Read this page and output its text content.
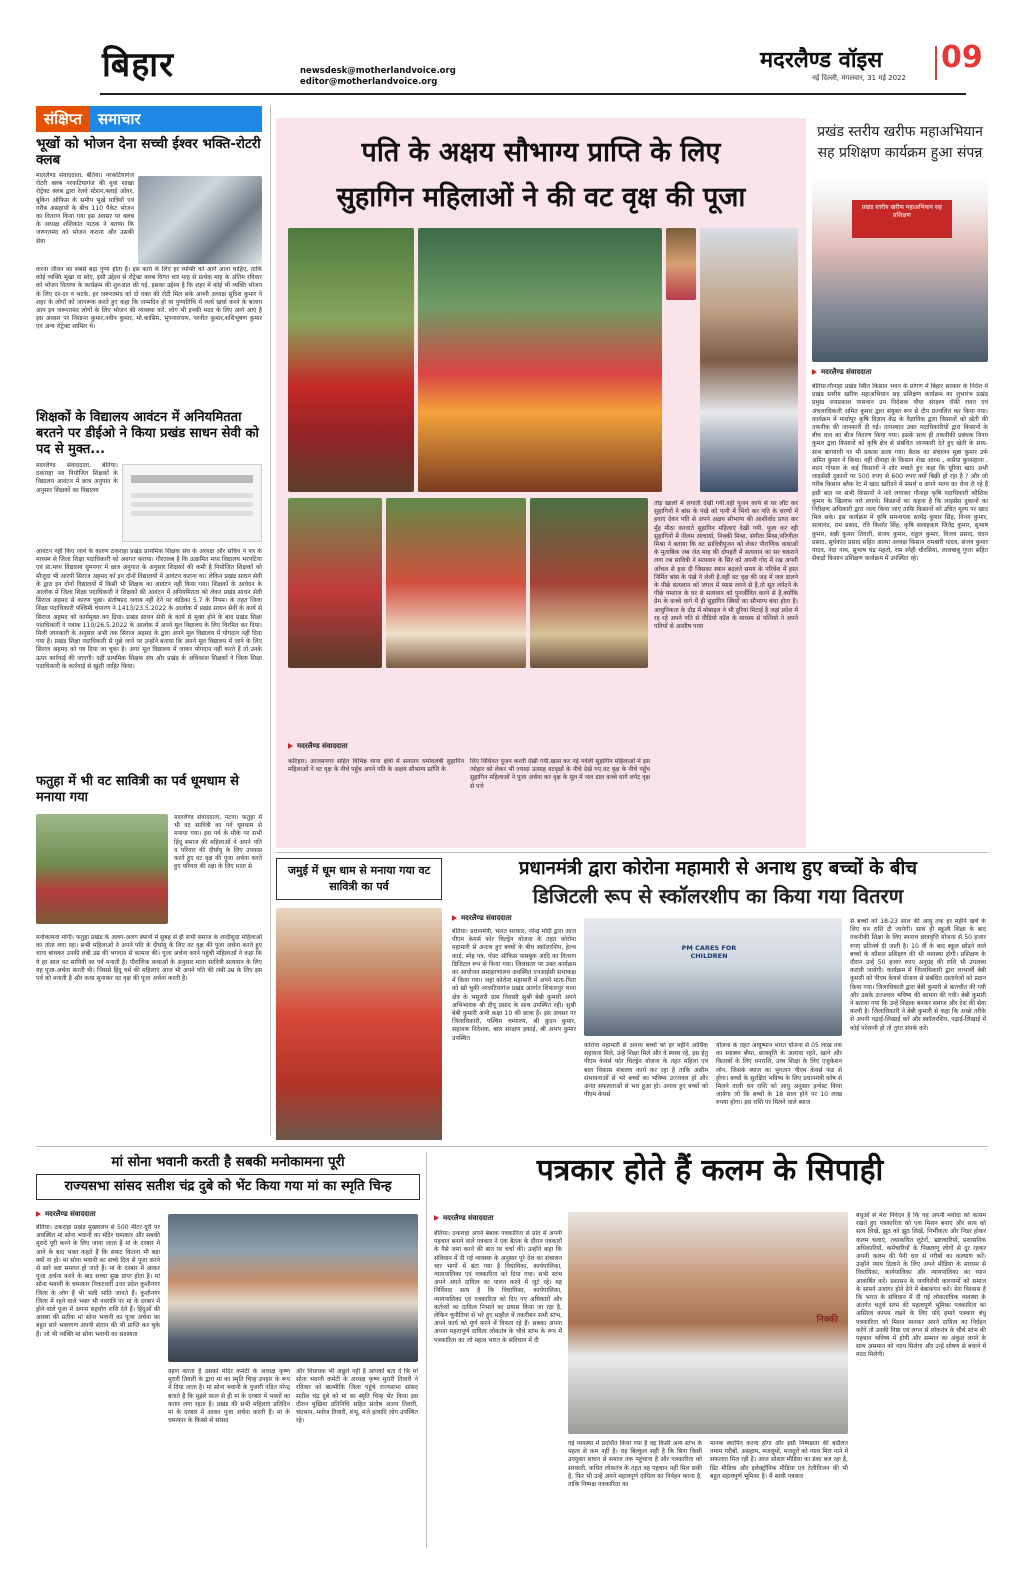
बिहार	newsdesk@motherlandvoice.org
editor@motherlandvoice.org
मदरलैण्ड वॉइस 09
नई दिल्ली, मंगलवार, 31 मई 2022
संक्षिप्त	समाचार
भूखों को भोजन देना सच्ची ईश्वर भक्ति-रोटरी क्लब
मदरलैण्ड संवाददाता, बेतिया। नरकटियागंज रोटरी क्लब नरकटियागंज की युवा शाखा रोट्रेक्ट क्लब द्वारा रेलवे स्टेशन,फ्लाई ओवर, बुकिंग ऑफिस के समीप भूखे यात्रियों एवं गरीब असहायों के बीच 110 पैकेट भोजन का वितरण किया गया इस अवसर पर क्लब के अध्यक्ष शशिकांत पाठक ने बताया कि जरूरतमंद को भोजन कराना और उसकी सेवा
करना जीवन का सबसे बड़ा पुण्य होता है। इस कार्य के लिए हर व्यक्ति को आगे आना चाहिए, ताकि कोई व्यक्ति भूखा ना सोए, इसी उद्देश्य से रोट्रेक्ट क्लब विगत चार माह से प्रत्येक माह के अंतिम रविवार को भोजन वितरण के कार्यक्रम की शुरुआत की गई. इसका उद्देश्य है कि शहर में कोई भी व्यक्ति भोजन के लिए दर-दर न भटके. हर जरूरतमंद को दो वक्त की रोटी मिल सके अपनी अध्यक्ष सुदिश कुमार ने शहर के लोगों को जागरूक करते हुए कहा कि जन्मदिन हो या पुण्यतिथि में व्यर्थ खर्चा करने के बजाय आप इन जरूरतमंद लोगों के लिए भोजन की व्यवस्था करें. लोग भी इनकी मदद के लिए आगे आएं है इस अवसर पर निशान्त कुमार,नवीन कुमार, मो.कासिम, भूपनारायण, परनीत कुमार,शशिभूषण कुमार एवं अन्य रोट्रेक्ट शामिल थे।
शिक्षकों के विद्यालय आवंटन में अनियमितता बरतने पर डीईओ ने किया प्रखंड साधन सेवी को पद से मुक्त...
मदरलैण्ड संवाददाता, बेतिया। ठकराहा नव नियोजित शिक्षकों के विद्यालय आवंटन में छात्र अनुपात के अनुसार शिक्षकों का विद्यालय
आवंटन नहीं किए जाने के कारण ठकराहा प्रखंड प्राथमिक शिक्षक संघ के अध्यक्ष और सचिव ने पत्र के माध्यम से जिला शिक्षा पदाधिकारी को अवगत कराया। गौरतलब है कि उत्क्रमित मध्य विद्यालय भरपटिया एवं प्रा.मध्य विद्यालय घुमनगर में छात्र अनुपात के अनुसार शिक्षकों की कमी है नियोजित शिक्षकों को मौजूदा भी आरपी सिराज अहमद को इन दोनों विद्यालयों में आवंटन कराना था। लेकिन प्रखंड साधन सेवी के द्वारा इन दोनों विद्यालयों में किसी भी शिक्षक का आवंटन नहीं किया गया। शिक्षकों के आवेदन के आलोक में जिला शिक्षा पदाधिकारी ने शिक्षकों की आवंटन में अनियमितता को लेकर प्रखंड साधन सेवी सिराज अहमद से कारण पूछा। संतोषप्रद जवाब नहीं देने पर कंडिका 5.7 के नियम। के तहत जिला शिक्षा पदाधिकारी पश्चिमी चंपारण ने 1413/23.5.2022 के आलोक में प्रखंड साधन सेवी के कार्य से सिराज अहमद को कार्यमुक्त कर दिया। प्रखंड साधन सेवी के कार्य से मुक्त होने के बाद प्रखंड शिक्षा पदाधिकारी ने पत्रांक 110/26.5.2022 के आलोक में अपने मूल विद्यालय के लिए विरमित कर दिया। मिली जानकारी के अनुसार अभी तक सिराज अहमद के द्वारा अपने मूल विद्यालय में योगदान नहीं दिया गया है। प्रखंड शिक्षा पदाधिकारी से पूछे जाने पर उन्होंने बताया कि अपने मूल विद्यालय में जाने के लिए सिराज अहमद को पत्र दिया जा चुका है। अगर मूल विद्यालय में जाकर योगदान नहीं करते हैं तो उनके ऊपर कार्रवाई की जाएगी। वहीं प्राथमिक शिक्षक संघ और प्रखंड के अधिकांश शिक्षकों ने जिला शिक्षा पदाधिकारी के कार्रवाई से खुशी जाहिर किया।
फतुहा में भी वट सावित्री का पर्व धूमधाम से मनाया गया
मदरलैण्ड संवाददाता, पटना। फतुहा में भी वट सावित्री का पर्व धूमधाम से मनाया गया। इस पर्व के मौके पर सभी हिंदू समाज की महिलाओं ने अपने पति व परिवार की दीर्घायु के लिए उपवास करते हुए वट वृक्ष की पूजा अर्चना करते हुए परिवार की रक्षा के लिए माता से
मनोकामना मांगी। फतुहा प्रखंड के अलग-अलग स्थानों में सुबह से ही सभी समाज के शादीशुदा महिलाओं का तांता लगा रहा। सभी महिलाओं ने अपने पति के दीर्घायु के लिए वट वृक्ष की पूजा अर्चना करते हुए धागा बांधकर उनकी लंबी उम्र की भगवान से कामना की। पूजा अर्चना करने पहुंची महिलाओं ने कहा कि ये हर साल वट सावित्री का पर्व मनाती है। पौराणिक कथाओं के अनुसार माता सावित्री सत्यवान के लिए यह पूजा-अर्चना करती थी। जिससे हिंदू धर्म की महिलाएं आज भी अपने पति की लंबी उम्र के लिए इस पर्व को मनाती है और कथा सुनाकर वट वृक्ष की पूजा अर्चना करती है।
पति के अक्षय सौभाग्य प्राप्ति के लिए
सुहागिन महिलाओं ने की वट वृक्ष की पूजा
तोड़ खालों में लगाती देखीं गयी.वहीं पूजन कार्य से घर लौट कर सुहागिनों ने बांस के पंखे को पानी में भिंगो कर पति के चरणों में हवाएं देकर पति से अपने अक्षय सौभाग्य की आशीर्वाद प्राप्त कर मुँह मीठा करवाते सुहागिन महिलाएं देखी गयी. पूजा कर रही सुहागिनों में नीलम आचार्या, निक्की मिश्रा, संगीता मिश्रा,परिणीता मिश्रा ने बताया कि वट सावित्रीपूजन को लेकर पौराणिक कथाओं के मुताबिक जब जेठ माह की दोपहरी में सत्यवान का सर चकराने लगा तब सावित्री ने सत्यवान के सिर को अपनी गोद में रख अपनी आँचल से हवा दी जिसका स्थान बदलते समय के परिवेश में हस्त निर्मित बांस के पंखे ने लेली है.वहीं वट वृक्ष की जड़ में जल डालने के पीछे सत्यवान को जंगल में प्यास लगने से है.तो सूत लपेटने के पीछे यमराज के घर से सत्यवान को पुनर्जीवित करने से है.क्योंकि प्रेम के कच्चे धागे में ही सुहागिन स्त्रियों का सौभाग्य बंधा होता है। आधुनिकता के दौड़ में मोबाइल ने भी दूरियां मिटाई है जहां प्रदेश में रह रहे अपने पति से वीडियो कॉल के माध्यम से पत्नियो ने अपने पतियों से आशीष पाया
मदरलैण्ड संवाददाता
कटिहार। आजमनगर सहित विभिन्न थाना क्षेत्रों में सनातन धर्मावलंबी सुहागिन महिलाओं ने वट वृक्ष के नीचे पहुँच अपने पति के अक्षय सौभाग्य प्राप्ति के
लिए विधिवत पूजन करती देखी गयी.खास कर नई नवेली सुहागिन महिलाओं में इस त्योहार को लेकर भी ज्यादा उत्साह वटवृक्षों के नीचे देखे गए.वट वृक्ष के नीचे पहुँच सुहागिन महिलाओं ने पूजा अर्चना कर वृक्ष के मूल में जल डाल कच्चे धागे लपेट वृक्ष से पत्ते
प्रखंड स्तरीय खरीफ महाअभियान सह प्रशिक्षण कार्यक्रम हुआ संपन्न
प्रखंड स्तरीय खरीफ महाअभियान सह प्रशिक्षण
मदरलैण्ड संवाददाता
बेतिया।गौनाहा प्रखंड स्थित किसान भवन के प्रांगण में बिहार सरकार के निर्देश में प्रखंड स्तरीय खरीफ महाअभियान सह प्रशिक्षण कार्यक्रम का शुभारंभ प्रखंड प्रमुख जयप्रकाश पासवान उप निदेशक पौधा संरक्षण रॉकी रावत एवं अंचलाधिकारी अमित कुमार द्वारा संयुक्त रूप से दीप प्रज्वलित कर किया गया। कार्यक्रम में माधोपुर कृषि विज्ञान केंद्र के वैज्ञानिक द्वारा किसानों को खेती की तकनीक की जानकारी दी गई। तत्पश्चात उक्त पदाधिकारियों द्वारा किसानों के बीच धान का बीज वितरण किया गया। इसके साथ ही तकनीकी प्रबंधक विनय कुमार द्वारा किसानों को कृषि क्षेत्र से संबंधित जानकारी देते हुए खेती के साथ-साथ बागवानी पर भी प्रकाश डाला गया। बैठक का संचालन मुन्ना कुमार उर्फ अमित कुमार ने किया। वहीं दौनाहा के किसान शेख आरस , कसैया कुरसहाना , मदन गोपाल के कई किसानों ने शोर मचाते हुए कहा कि यूरिया खाद अभी लाइसेंसी दुकानों पर 500 रुपए से 600 रुपए क्यों बिक्री हो रहा है ? और जो गरीब किसान ब्लैक रेट में खाद खरीदने में समर्थ व अपने भाग्य का रोना रो रहे हैं इसी बात पर सभी किसानों ने नारे लगाकर गौनाहा कृषि पदाधिकारी कौशिक कुमार के खिलाफ नारे लगाये। किसानों का कहना है कि लाइसेंस दुकानों का निरीक्षण अधिकारी द्वारा जल्द किया जाए ताकि किसानों को उचित मूल्य पर खाद मिल सके। इस कार्यक्रम में कृषि समन्वयक सत्येंद्र कुमार सिंह, विनय कुमार, सत्यानंद, राम प्रसाद, रवि किशोर सिंह, कृषि सलाहकार जितेंद्र कुमार, सुभाष कुमार, सन्नी कुमार तिवारी, संजय कुमार, राहुल कुमार, विजय प्रसाद, चंदन प्रसाद, सूर्यकांत प्रसाद सहित आत्मा अध्यक्ष किसान रामबारी यादव, संजय कुमार यादव, नंदा नाथ, सुभाष चंद्र महतो, राम स्नेही चौरसिया, लालबाबू गुप्ता सहित सैकड़ों किसान प्रशिक्षण कार्यक्रम में उपस्थित रहे।
जमुई में धूम धाम से मनाया गया वट सावित्री का पर्व
प्रधानमंत्री द्वारा कोरोना महामारी से अनाथ हुए बच्चों के बीच
डिजिटली रूप से स्कॉलरशीप का किया गया वितरण
मदरलैण्ड संवाददाता
बेतिया। प्रधानमंत्री, भारत सरकार, नरेन्द्र मोदी द्वारा आज पीएम केयर्स फोर चिल्ड्रेन योजना के तहत कोरोना महामारी से अनाथ हुए बच्चों के बीच स्कॉलरशिप, हेल्थ कार्ड, स्नेह पत्र, पोस्ट ऑफिस पासबुक आदि का वितरण डिजिटल रूप से किया गया। जिलास्तर पर उक्त कार्यक्रम का आयोजन समाहरणालय अवस्थित एनआईसी सभाकक्ष में किया गया। जहां कोरोना महामारी में अपने माता-पिता को खो चुकी नरकटियागंज प्रखंड अंतर्गत शिकारपुर थाना क्षेत्र के भसुरारी ग्राम निवासी सुश्री बेबी कुमारी अपने अभिभावक श्री दीपू प्रसाद के साथ उपस्थित रही। सुश्री बेबी कुमारी अभी कक्षा 10 की छात्रा है। इस अवसर पर जिलाधिकारी, पश्चिम चम्पारण, श्री कुंदन कुमार, सहायक निदेशक, बाल संरक्षण इकाई, श्री अभय कुमार उपस्थित
PM CARES FOR CHILDREN
कोरोना महामारी से अनाथ बच्चों को हर महीने आर्थिक सहायता मिले, उन्हें शिक्षा मिले और वे स्वस्थ रहें, इस हेतु पीएम केयर्स फोर चिल्ड्रेन योजना के तहत महिला एवं बाल विकास मंत्रालय कार्य कर रहा है ताकि असीम संभावनाओं से भरे बच्चों का भविष्य उज्जवल हो और अनंत सफलताओं से भरा हुआ हो। अनाथ हुए बच्चों को पीएम केयर्स
योजना के तहत आयुष्मान भारत योजना से 05 लाख तक का स्वास्थ्य बीमा, छात्रवृत्ति के अलावा रहने, खाने और किताबों के लिए धनराशि, उच्च शिक्षा के लिए एजुकेशन लोन, जिसके ब्याज का भुगतान पीएम केयर्स फंड से होगा। बच्चों के सुरक्षित भविष्य के लिए प्रधानमंत्री कोष से मिलने वाली धन राशि को आयु अनुसार इन्वेस्ट किया जायेगा जो कि बच्चों के 18 साल होने पर 10 लाख रुपया होगा। इस राशि पर मिलने वाले ब्याज
से बच्चों को 18-23 साल की आयु तक हर महीने खर्च के लिए धन राशि दी जायेगी। साथ ही स्कूली शिक्षा के बाद तकनीकी शिक्षा के लिए स्वनाथ छात्रवृत्ति योजना से 50 हजार रुपए प्रतिवर्ष दी जाती है। 10 वीं के बाद स्कूल छोड़ने वाले बच्चों के कौशल प्रशिक्षण की भी व्यवस्था होगी। प्रशिक्षण के दौरान उन्हें 50 हजार रुपए अनुग्रह की राशि भी उपलब्ध करायी जायेगी। कार्यक्रम में जिलाधिकारी द्वारा लाभार्थी बेबी कुमारी को पीएम केयर्स योजना से संबंधित दस्तावेजों को प्रदान किया गया। जिलाधिकारी द्वारा बेबी कुमारी से बातचीत की गयी और उसके उज्जवल भविष्य की कामना की गयी। बेबी कुमारी ने बताया गया कि उन्हें शिक्षक बनकर समाज और देश की सेवा करनी है। जिलाधिकारी ने बेबी कुमारी से कहा कि अच्छे तरीके से अपनी पढ़ाई-लिखाई करें और स्कॉलरशिप, पढ़ाई-लिखाई में कोई परेशानी हो तो तुरंत संपर्क करें।
मां सोना भवानी करती है सबकी मनोकामना पूरी
राज्यसभा सांसद सतीश चंद्र दुबे को भेंट किया गया मां का स्मृति चिन्ह
मदरलैण्ड संवाददाता
बेतिया। ठकराहा प्रखंड मुख्यालय से 500 मीटर दूरी पर अवस्थित मां सोना भवानी का मंदिर चमत्कार और सबकी मुरादें पूरी करने के लिए जाना जाता है मां के दरबार में आने के बाद भक्त कहते हैं कि संकट कितना भी बड़ा क्यों ना हो। मां सोना भवानी का सच्चे दिल से पूजा करने से सारे कष्ट समाप्त हो जाते हैं। मां के दरबार में आकर पूजा अर्चना करने के बाद सच्चा सुख प्राप्त होता है। मां सोना भवानी के चमत्कार निकटवर्ती उत्तर प्रदेश कुशीनगर जिला के लोग हैं भी भली भांति जानते हैं। कुशीनगर जिला में रहने वाले भक्त भी नवरात्रि पर मां के दरबार में होने वाले पूजा में अपना सहयोग राशि देते हैं। हिंदुओं की आस्था की प्रतीक मां सोना भवानी का पूजा अर्चना का बहुत सारे भक्तगण अपनी संतान की भी प्राप्ति कर चुके हैं। जो भी व्यक्ति मां सोना भवानी का सदस्यता
ग्रहण करता है उसको मंदिर कमेटी के अध्यक्ष कृष्ण मुरारी तिवारी के द्वारा मां का स्मृति चिन्ह उपहार के रूप में दिया जाता है। मां सोना भवानी के पुजारी पंडित नरेन्द्र बताते हैं कि मुझरे काल से ही मां के दरबार में भक्तों का कतार लगा रहता है। प्रखंड की सभी महिलाएं प्रतिदिन मां के दरबार में आकर पूजा अर्चना करती हैं। मां के चमत्कार के किस्से से सांसद
और विधायक भी अछूते नहीं है आपको बता दें कि मां सोना भवानी कमेटी के अध्यक्ष कृष्ण मुरारी तिवारी ने रविवार को बाल्मीकि जिला पहुंचे राज्यसभा सांसद सतीश चंद्र दुबे को मां का स्मृति चिन्ह भेंट किया इस दौरान मुखिया प्रतिनिधि सहित संतोष अजय तिवारी, चंदभान, मनोज तिवारी, शंभू, मंजे इत्यादि लोग उपस्थित रहे।
पत्रकार होते हैं कलम के सिपाही
मदरलैण्ड संवाददाता
बेतिया। ठकराहा अपने बेबाक पत्रकारिता से प्रांत में अपनी पहचान बनाने वाले पत्रकार ने एक बैठक के दौरान पत्रकारों के पैसे जमा करने की बात पर चर्चा की। उन्होंने कहा कि संविधान में दी गई व्यवस्था के अनुसार पूरे देश का संचालन चार भागों में बंटा गया है विधायिका, कार्यपालिका, न्यायपालिका एवं पत्रकारिता को दिया गया। सभी स्तंभ अपने अपने दायित्व का पालन करने में जुटे रहे। यह निर्विवाद सत्य है कि विधायिका, कार्यपालिका, न्यायपालिका एवं पत्रकारिता को दिए गए अधिकारों और कर्तव्यों का दायित्व निभाने का प्रयास किया जा रहा है, लेकिन चुनौतियां से भरे हुए माहौल में तकरीबन सभी स्तंभ, अपने कार्य को पूर्ण करने में विफल रहे हैं। सबका अपना अपना महत्वपूर्ण दायित्व लोकतंत्र के चौथे स्तंभ के रूप में पत्रकारिता का जो महत्व भारत के संविधान में दी
निक्की
गई व्यवस्था में प्रदर्शित किया गया है वह किसी अन्य स्तंभ के महत्व से कम नहीं है। यह बिल्कुल सही है कि बिना किसी उपयुक्त साधन से समाज तक पहुंचाना है और पत्रकारिता को सरकारी, कथित लोकतंत्र के तहत वह पहचान नहीं मिल सकी है, फिर भी उन्हें अपने महत्वपूर्ण दायित्व का निर्वहन करना है, ताकि निष्पक्ष पत्रकारिता का
मानक स्थापित करना होगा और इसी निष्पक्षता की बदौलत तमाम गरीबों, असहाय, मजलूमों, मजदूरों को न्याय मिल पाने में सफलता मिल रही है। आज सोशल मीडिया का डंका बज रहा है, प्रिंट मीडिया और इलेक्ट्रॉनिक मीडिया एवं टेलीविजन की भी बहुत महत्वपूर्ण भूमिका है। मैं साथी पत्रकार
बंधुओं से मेरा निवेदन है कि वह अपनी मर्यादा को कायम रखते हुए पत्रकारिता को एक मिशन बनाएं और सत्य को सत्य लिखें, झूठ को झूठ लिखें, निर्भीकता और निडर होकर कलम चलाएं, तथाकथित लुटेरों, भ्रष्टाचारियों, प्रशासनिक अधिकारियों, कर्मचारियों के पिछलग्गू लोगों से दूर रहकर अपनी कलम की पैनी धार से गरीबों का कल्याण करें। उन्होंने न्याय दिलाने के लिए अपने मीडिया के माध्यम से विधायिका, कार्यपालिका और न्यायपालिका का ध्यान आकर्षित करें। प्रशासन के जनविरोधी कारनामों को समाज के सामने उजागर होने देने में बेबाकपन करें। मेरा विश्वास है कि भारत के संविधान में दी गई लोकतांत्रिक व्यवस्था के अंतर्गत चतुर्थ स्तंभ की महत्वपूर्ण भूमिका पत्रकारिता का अस्तित्व कायम रखने के लिए यदि हमारे पत्रकार बंधु पत्रकारिता को मिशन मानकर अपने दायित्व का निर्वहन करेंगे तो उनकी निष्ठा एवं लगन से लोकतंत्र के चौथे स्तंभ की पहचान भविष्य में होगी और सम्मान का अंकुश लगने के साथ असमान को न्याय मिलेगा और उन्हें शोषण से बचाने में मदद मिलेगी।
